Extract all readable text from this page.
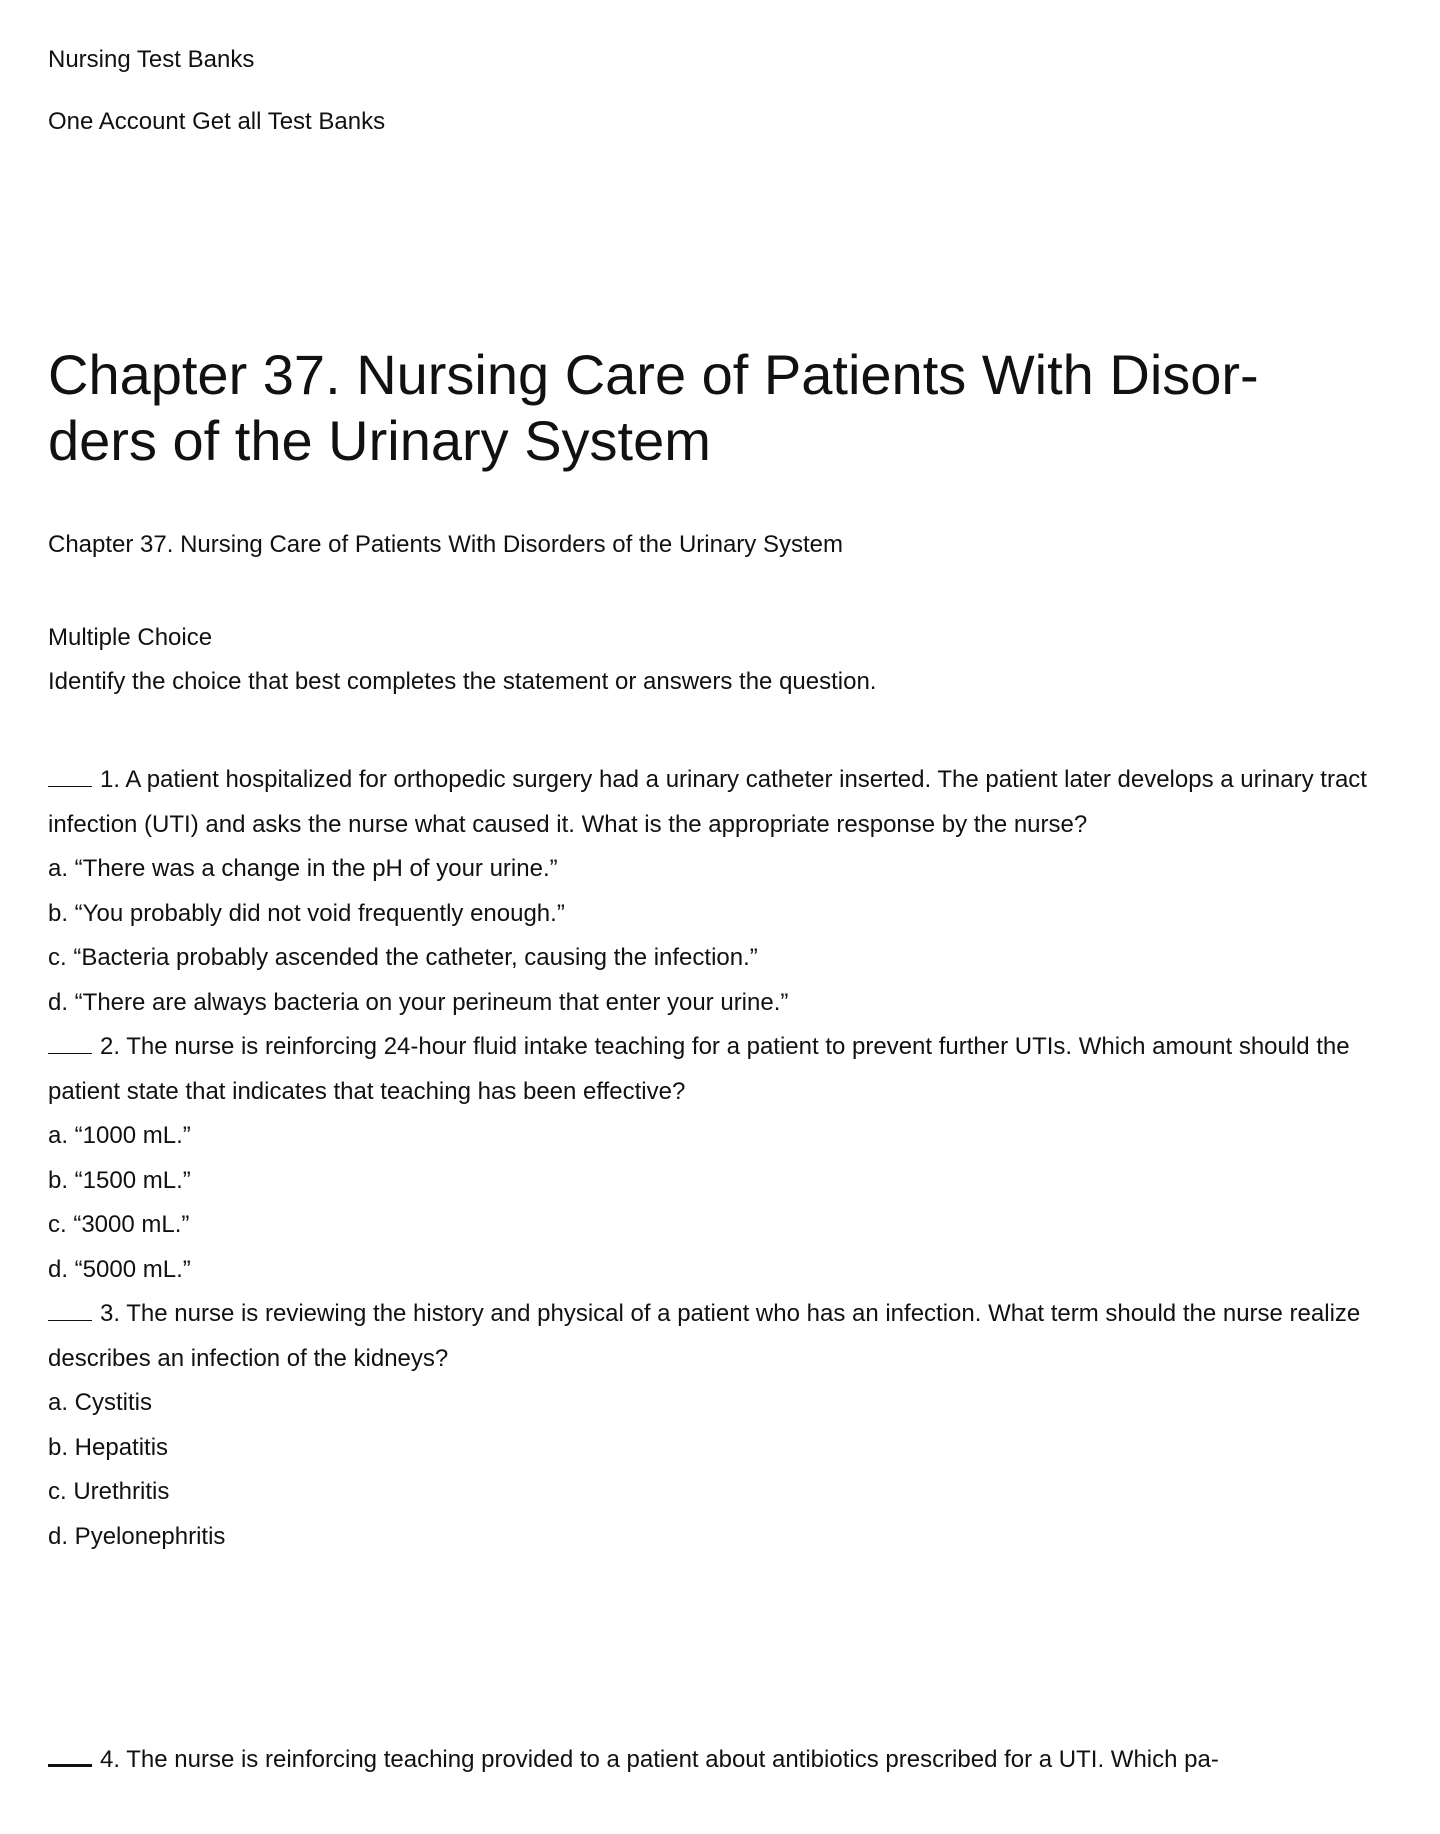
Nursing Test Banks
One Account Get all Test Banks
Chapter 37. Nursing Care of Patients With Disor-
ders of the Urinary System
Chapter 37. Nursing Care of Patients With Disorders of the Urinary System
Multiple Choice
Identify the choice that best completes the statement or answers the question.

1. A patient hospitalized for orthopedic surgery had a urinary catheter inserted. The patient later develops a urinary tract infection (UTI) and asks the nurse what caused it. What is the appropriate response by the nurse?

a. “There was a change in the pH of your urine.”

b. “You probably did not void frequently enough.”

c. “Bacteria probably ascended the catheter, causing the infection.”

d. “There are always bacteria on your perineum that enter your urine.”

2. The nurse is reinforcing 24-hour ﬂuid intake teaching for a patient to prevent further UTIs. Which amount should the patient state that indicates that teaching has been effective?

a. “1000 mL.”

b. “1500 mL.”

c. “3000 mL.”

d. “5000 mL.”

3. The nurse is reviewing the history and physical of a patient who has an infection. What term should the nurse realize describes an infection of the kidneys?

a. Cystitis

b. Hepatitis

c. Urethritis

d. Pyelonephritis

4. The nurse is reinforcing teaching provided to a patient about antibiotics prescribed for a UTI. Which pa-
